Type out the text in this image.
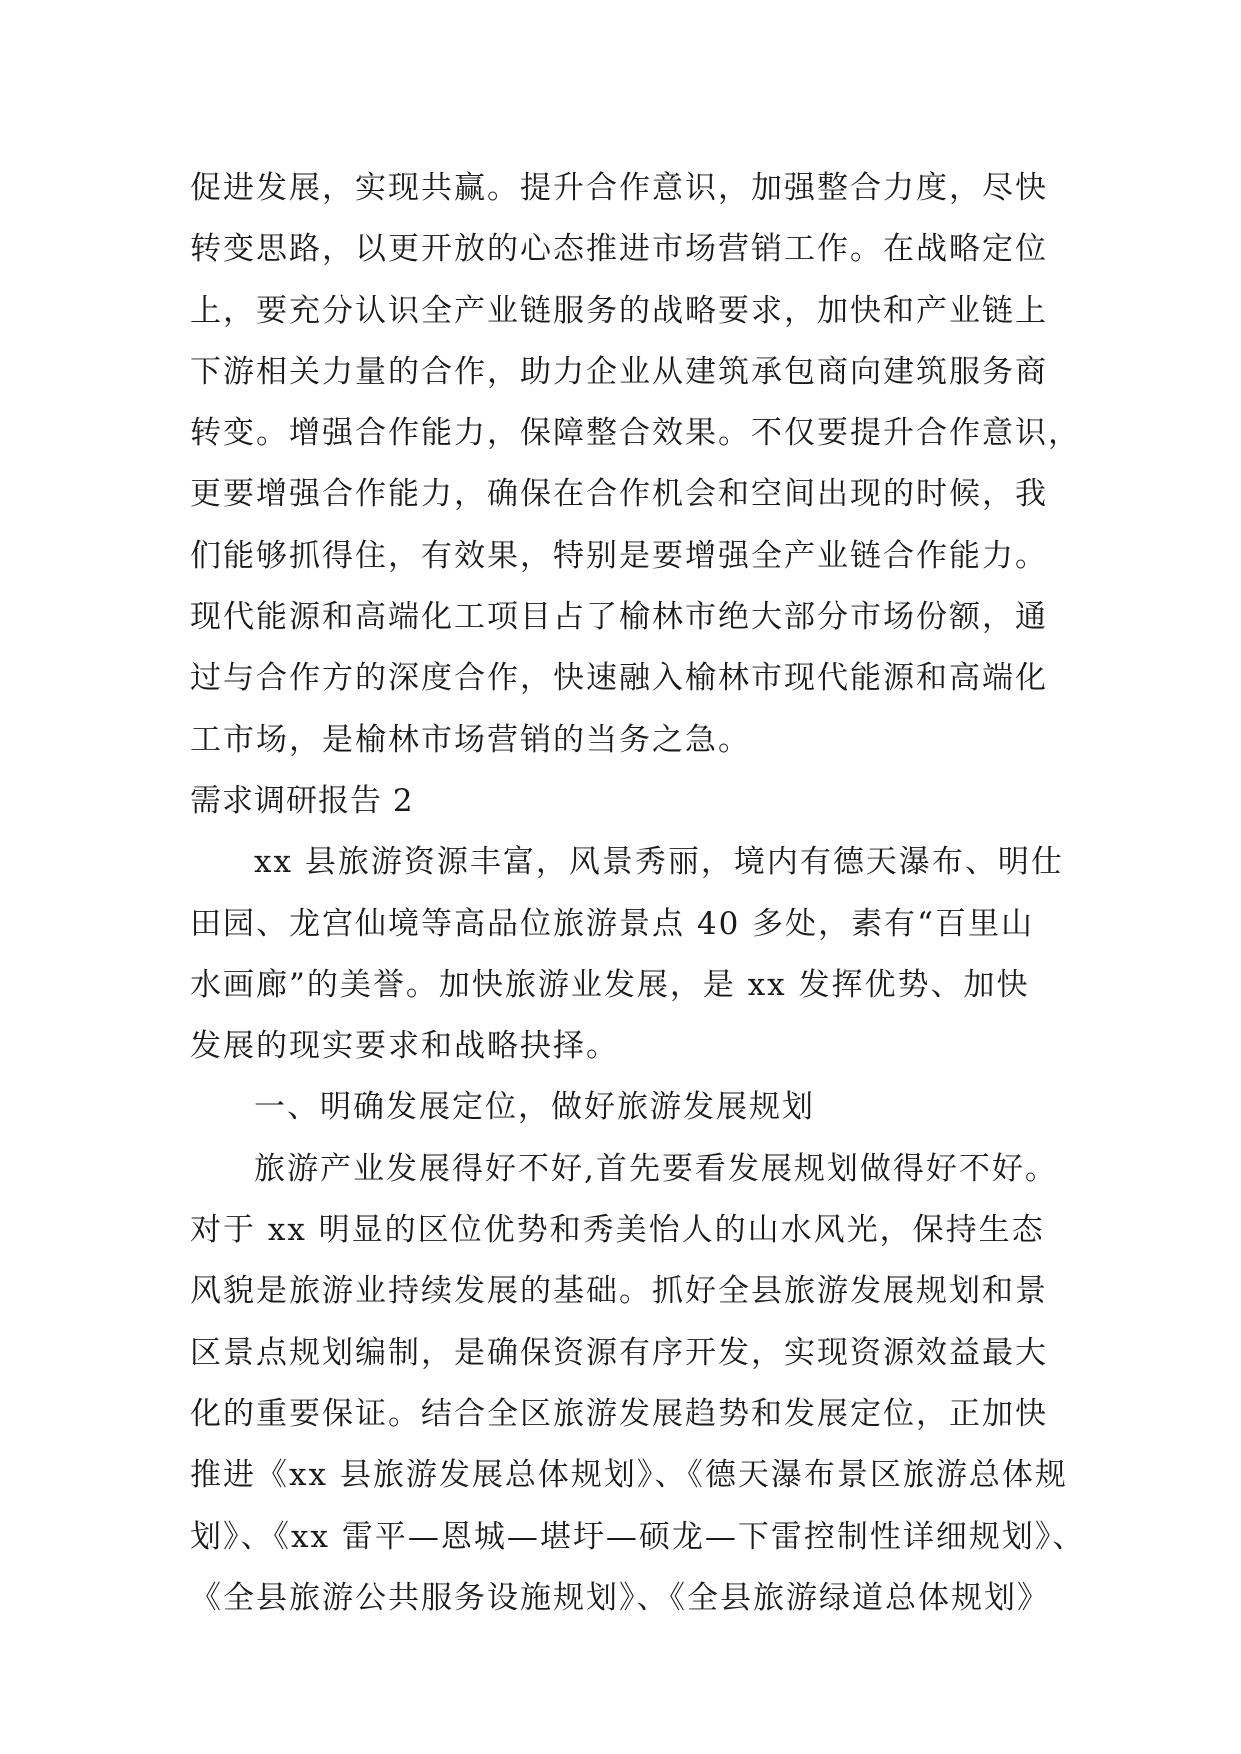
促进发展，实现共赢。提升合作意识，加强整合力度，尽快
转变思路，以更开放的心态推进市场营销工作。在战略定位
上，要充分认识全产业链服务的战略要求，加快和产业链上
下游相关力量的合作，助力企业从建筑承包商向建筑服务商
转变。增强合作能力，保障整合效果。不仅要提升合作意识，
更要增强合作能力，确保在合作机会和空间出现的时候，我
们能够抓得住，有效果，特别是要增强全产业链合作能力。
现代能源和高端化工项目占了榆林市绝大部分市场份额，通
过与合作方的深度合作，快速融入榆林市现代能源和高端化
工市场，是榆林市场营销的当务之急。
需求调研报告 2
xx 县旅游资源丰富，风景秀丽，境内有德天瀑布、明仕
田园、龙宫仙境等高品位旅游景点 40 多处，素有“百里山
水画廊”的美誉。加快旅游业发展，是 xx 发挥优势、加快
发展的现实要求和战略抉择。
一、明确发展定位，做好旅游发展规划
旅游产业发展得好不好,首先要看发展规划做得好不好。
对于 xx 明显的区位优势和秀美怡人的山水风光，保持生态
风貌是旅游业持续发展的基础。抓好全县旅游发展规划和景
区景点规划编制，是确保资源有序开发，实现资源效益最大
化的重要保证。结合全区旅游发展趋势和发展定位，正加快
推进《xx 县旅游发展总体规划》、《德天瀑布景区旅游总体规
划》、《xx 雷平—恩城—堪圩—硕龙—下雷控制性详细规划》、
《全县旅游公共服务设施规划》、《全县旅游绿道总体规划》
